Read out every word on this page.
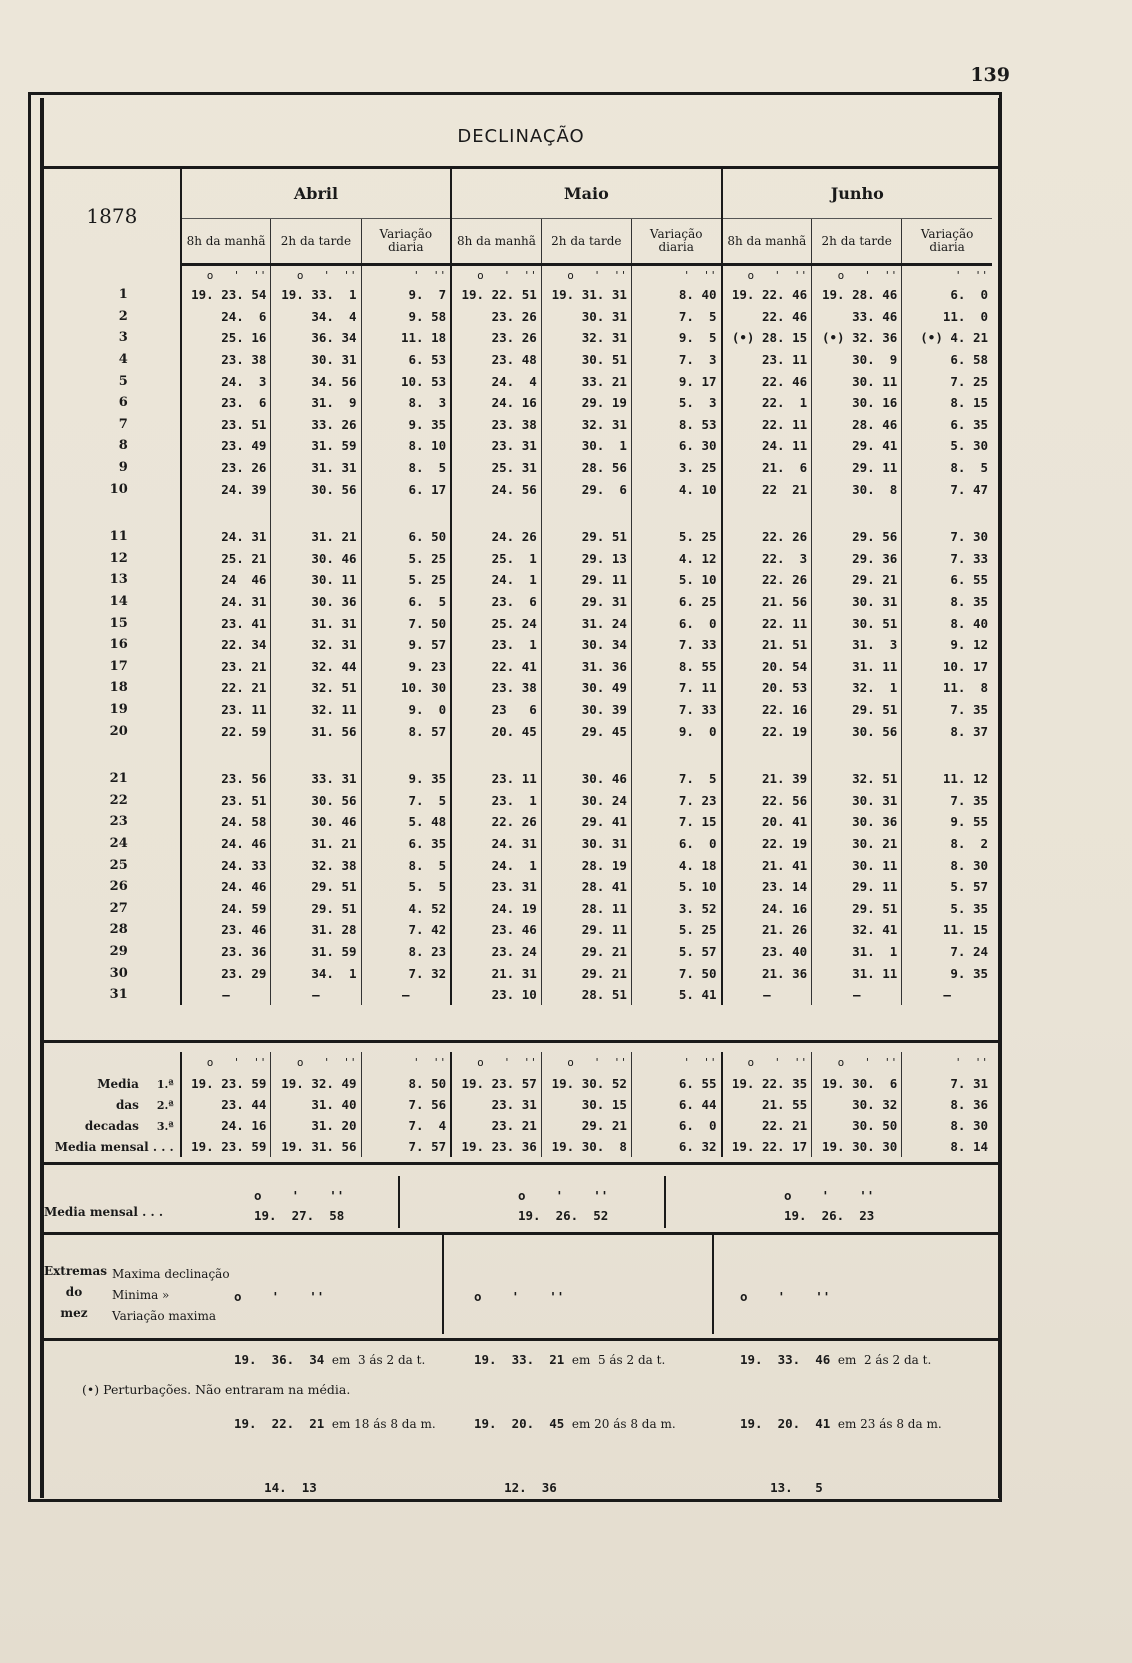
139
DECLINAÇÃO
1878	Abril			Maio			Junho		
	8h da manhã	2h da tarde	Variação diaria	8h da manhã	2h da tarde	Variação diaria	8h da manhã	2h da tarde	Variação diaria
	o   '  ''	o   '  ''	'  ''	o   '  ''	o   '  ''	'  ''	o   '  ''	o   '  ''	'  ''
1	19. 23. 54	19. 33.  1	9.  7	19. 22. 51	19. 31. 31	8. 40	19. 22. 46	19. 28. 46	6.  0
2	24.  6	34.  4	9. 58	23. 26	30. 31	7.  5	22. 46	33. 46	11.  0
3	25. 16	36. 34	11. 18	23. 26	32. 31	9.  5	(•) 28. 15	(•) 32. 36	(•) 4. 21
4	23. 38	30. 31	6. 53	23. 48	30. 51	7.  3	23. 11	30.  9	6. 58
5	24.  3	34. 56	10. 53	24.  4	33. 21	9. 17	22. 46	30. 11	7. 25
6	23.  6	31.  9	8.  3	24. 16	29. 19	5.  3	22.  1	30. 16	8. 15
7	23. 51	33. 26	9. 35	23. 38	32. 31	8. 53	22. 11	28. 46	6. 35
8	23. 49	31. 59	8. 10	23. 31	30.  1	6. 30	24. 11	29. 41	5. 30
9	23. 26	31. 31	8.  5	25. 31	28. 56	3. 25	21.  6	29. 11	8.  5
10	24. 39	30. 56	6. 17	24. 56	29.  6	4. 10	22  21	30.  8	7. 47

11	24. 31	31. 21	6. 50	24. 26	29. 51	5. 25	22. 26	29. 56	7. 30
12	25. 21	30. 46	5. 25	25.  1	29. 13	4. 12	22.  3	29. 36	7. 33
13	24  46	30. 11	5. 25	24.  1	29. 11	5. 10	22. 26	29. 21	6. 55
14	24. 31	30. 36	6.  5	23.  6	29. 31	6. 25	21. 56	30. 31	8. 35
15	23. 41	31. 31	7. 50	25. 24	31. 24	6.  0	22. 11	30. 51	8. 40
16	22. 34	32. 31	9. 57	23.  1	30. 34	7. 33	21. 51	31.  3	9. 12
17	23. 21	32. 44	9. 23	22. 41	31. 36	8. 55	20. 54	31. 11	10. 17
18	22. 21	32. 51	10. 30	23. 38	30. 49	7. 11	20. 53	32.  1	11.  8
19	23. 11	32. 11	9.  0	23   6	30. 39	7. 33	22. 16	29. 51	7. 35
20	22. 59	31. 56	8. 57	20. 45	29. 45	9.  0	22. 19	30. 56	8. 37

21	23. 56	33. 31	9. 35	23. 11	30. 46	7.  5	21. 39	32. 51	11. 12
22	23. 51	30. 56	7.  5	23.  1	30. 24	7. 23	22. 56	30. 31	7. 35
23	24. 58	30. 46	5. 48	22. 26	29. 41	7. 15	20. 41	30. 36	9. 55
24	24. 46	31. 21	6. 35	24. 31	30. 31	6.  0	22. 19	30. 21	8.  2
25	24. 33	32. 38	8.  5	24.  1	28. 19	4. 18	21. 41	30. 11	8. 30
26	24. 46	29. 51	5.  5	23. 31	28. 41	5. 10	23. 14	29. 11	5. 57
27	24. 59	29. 51	4. 52	24. 19	28. 11	3. 52	24. 16	29. 51	5. 35
28	23. 46	31. 28	7. 42	23. 46	29. 11	5. 25	21. 26	32. 41	11. 15
29	23. 36	31. 59	8. 23	23. 24	29. 21	5. 57	23. 40	31.  1	7. 24
30	23. 29	34.  1	7. 32	21. 31	29. 21	7. 50	21. 36	31. 11	9. 35
31	—	—	—	23. 10	28. 51	5. 41	—	—	—
	o   '  ''	o   '  ''	'  ''	o   '  ''	o   '  ''	'  ''	o   '  ''	o   '  ''	'  ''
Media 1.ª	19. 23. 59	19. 32. 49	8. 50	19. 23. 57	19. 30. 52	6. 55	19. 22. 35	19. 30.  6	7. 31
das 2.ª	23. 44	31. 40	7. 56	23. 31	30. 15	6. 44	21. 55	30. 32	8. 36
decadas 3.ª	24. 16	31. 20	7.  4	23. 21	29. 21	6.  0	22. 21	30. 50	8. 30
Media mensal . . .	19. 23. 59	19. 31. 56	7. 57	19. 23. 36	19. 30.  8	6. 32	19. 22. 17	19. 30. 30	8. 14
Media mensal . . .
o    '    ''
19.  27.  58
o    '    ''
19.  26.  52
o    '    ''
19.  26.  23
Extremas
do
mez
Maxima declinação
Minima »
Variação maxima

o    '    ''

19.  36.  34 em  3 ás 2 da t.

19.  22.  21 em 18 ás 8 da m.

14.  13

o    '    ''

19.  33.  21 em  5 ás 2 da t.

19.  20.  45 em 20 ás 8 da m.

12.  36

o    '    ''

19.  33.  46 em  2 ás 2 da t.

19.  20.  41 em 23 ás 8 da m.

13.   5

(•) Perturbações. Não entraram na média.
